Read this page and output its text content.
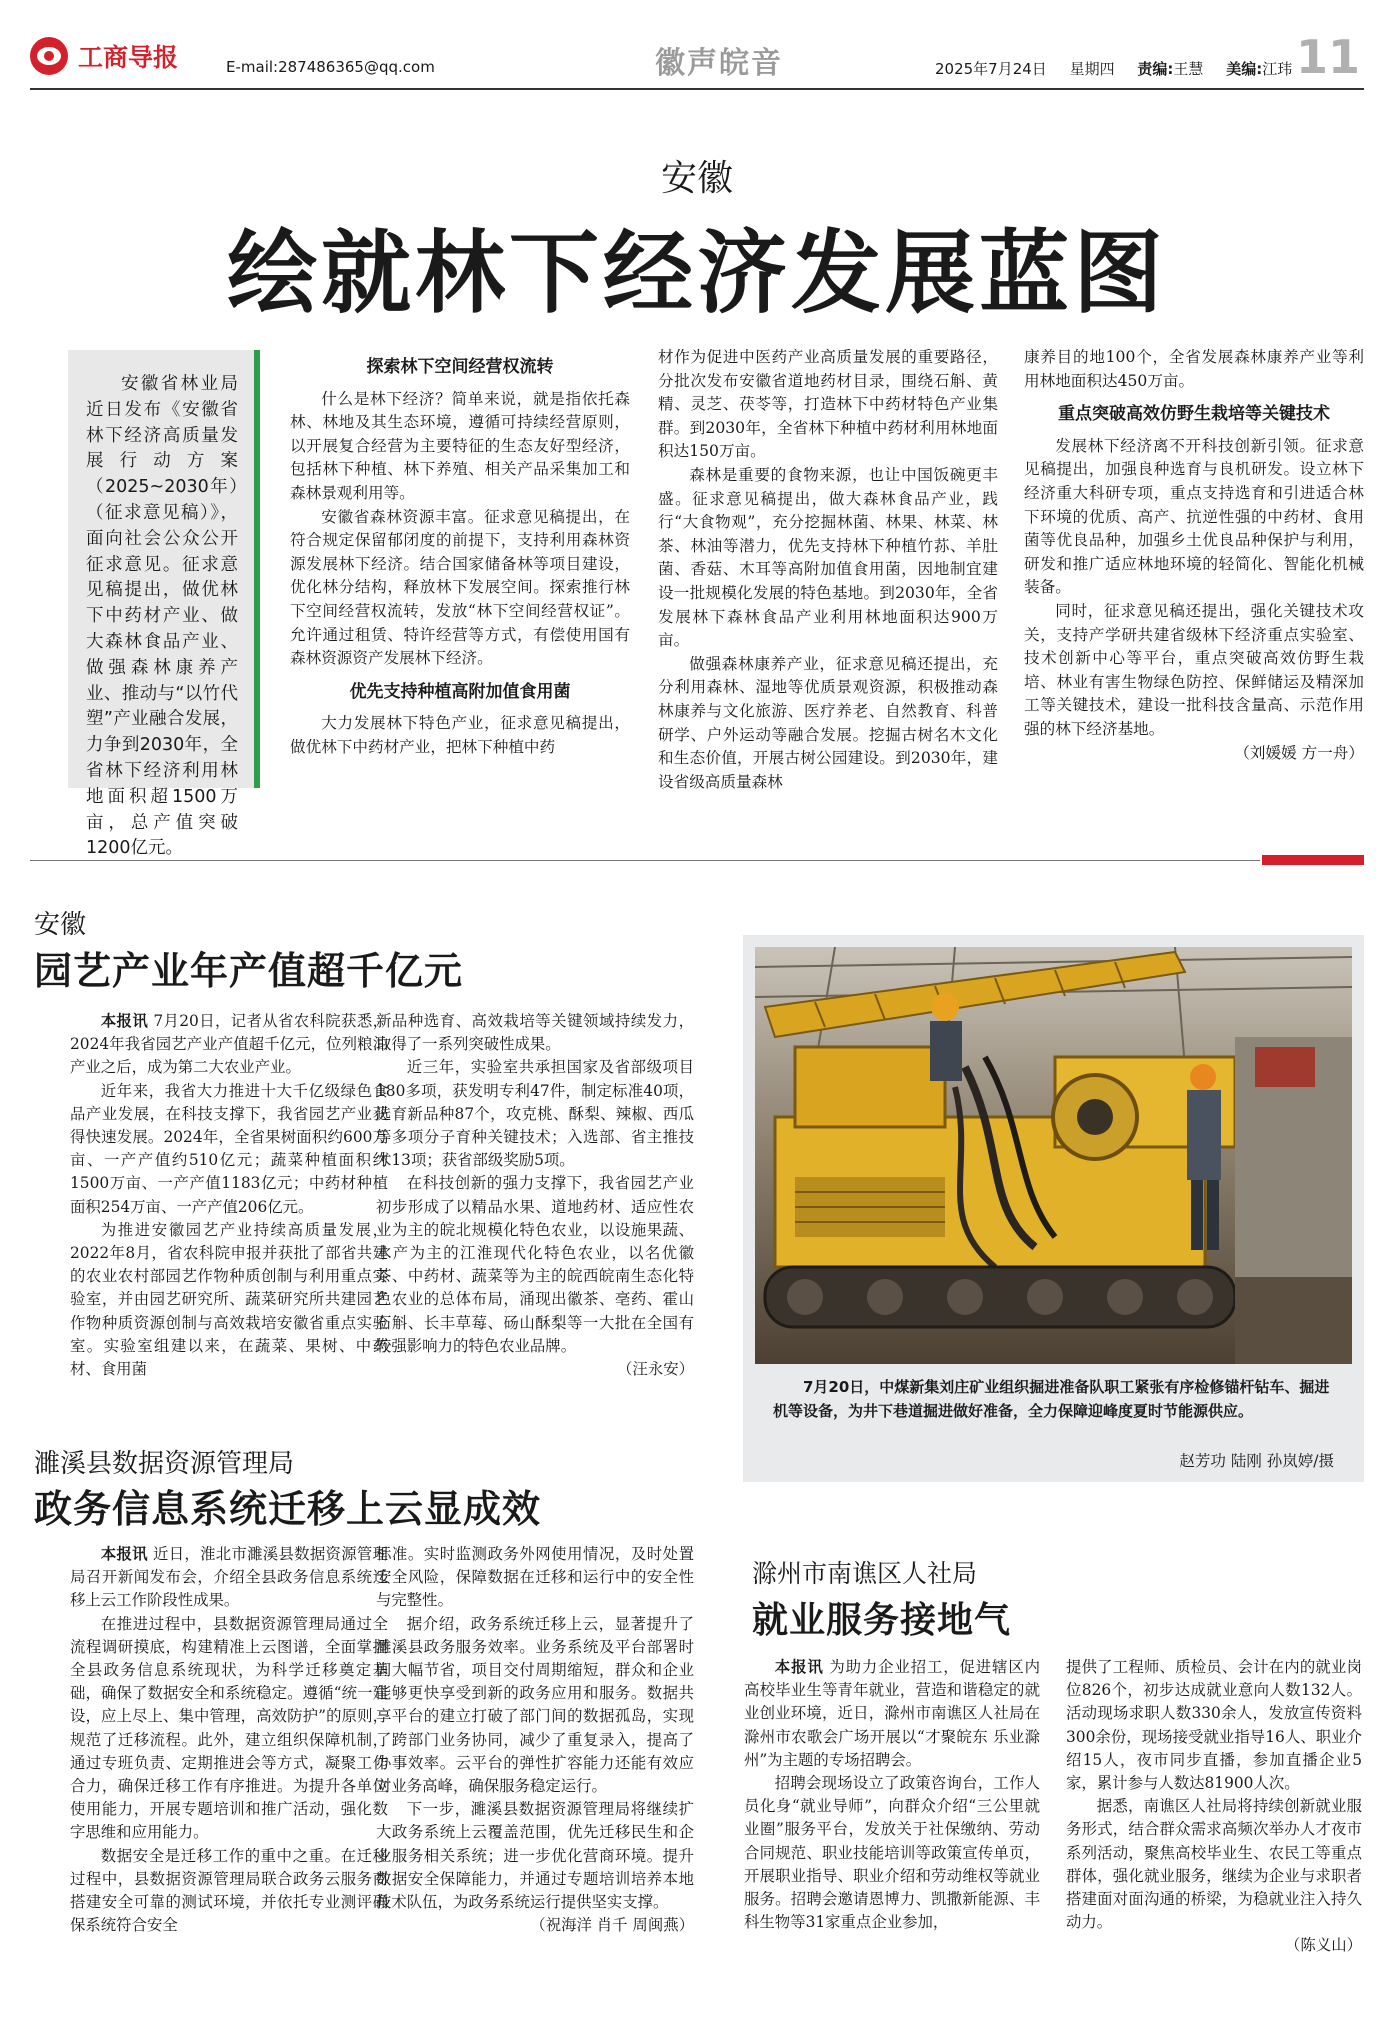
工商导报	E-mail:287486365@qq.com	徽声皖音	2025年7月24日 星期四 责编:王慧 美编:江玮 11
安徽
绘就林下经济发展蓝图

安徽省林业局近日发布《安徽省林下经济高质量发展行动方案（2025~2030年）（征求意见稿）》，面向社会公众公开征求意见。征求意见稿提出，做优林下中药材产业、做大森林食品产业、做强森林康养产业、推动与“以竹代塑”产业融合发展，力争到2030年，全省林下经济利用林地面积超1500万亩，总产值突破1200亿元。

探索林下空间经营权流转

什么是林下经济？简单来说，就是指依托森林、林地及其生态环境，遵循可持续经营原则，以开展复合经营为主要特征的生态友好型经济，包括林下种植、林下养殖、相关产品采集加工和森林景观利用等。

安徽省森林资源丰富。征求意见稿提出，在符合规定保留郁闭度的前提下，支持利用森林资源发展林下经济。结合国家储备林等项目建设，优化林分结构，释放林下发展空间。探索推行林下空间经营权流转，发放“林下空间经营权证”。允许通过租赁、特许经营等方式，有偿使用国有森林资源资产发展林下经济。

优先支持种植高附加值食用菌

大力发展林下特色产业，征求意见稿提出，做优林下中药材产业，把林下种植中药

材作为促进中医药产业高质量发展的重要路径，分批次发布安徽省道地药材目录，围绕石斛、黄精、灵芝、茯苓等，打造林下中药材特色产业集群。到2030年，全省林下种植中药材利用林地面积达150万亩。

森林是重要的食物来源，也让中国饭碗更丰盛。征求意见稿提出，做大森林食品产业，践行“大食物观”，充分挖掘林菌、林果、林菜、林茶、林油等潜力，优先支持林下种植竹荪、羊肚菌、香菇、木耳等高附加值食用菌，因地制宜建设一批规模化发展的特色基地。到2030年，全省发展林下森林食品产业利用林地面积达900万亩。

做强森林康养产业，征求意见稿还提出，充分利用森林、湿地等优质景观资源，积极推动森林康养与文化旅游、医疗养老、自然教育、科普研学、户外运动等融合发展。挖掘古树名木文化和生态价值，开展古树公园建设。到2030年，建设省级高质量森林

康养目的地100个，全省发展森林康养产业等利用林地面积达450万亩。

重点突破高效仿野生栽培等关键技术

发展林下经济离不开科技创新引领。征求意见稿提出，加强良种选育与良机研发。设立林下经济重大科研专项，重点支持选育和引进适合林下环境的优质、高产、抗逆性强的中药材、食用菌等优良品种，加强乡土优良品种保护与利用，研发和推广适应林地环境的轻简化、智能化机械装备。

同时，征求意见稿还提出，强化关键技术攻关，支持产学研共建省级林下经济重点实验室、技术创新中心等平台，重点突破高效仿野生栽培、林业有害生物绿色防控、保鲜储运及精深加工等关键技术，建设一批科技含量高、示范作用强的林下经济基地。

（刘媛媛 方一舟）

安徽
园艺产业年产值超千亿元

本报讯 7月20日，记者从省农科院获悉，2024年我省园艺产业产值超千亿元，位列粮油产业之后，成为第二大农业产业。

近年来，我省大力推进十大千亿级绿色食品产业发展，在科技支撑下，我省园艺产业获得快速发展。2024年，全省果树面积约600万亩、一产产值约510亿元；蔬菜种植面积约1500万亩、一产产值1183亿元；中药材种植面积254万亩、一产产值206亿元。

为推进安徽园艺产业持续高质量发展，2022年8月，省农科院申报并获批了部省共建的农业农村部园艺作物种质创制与利用重点实验室，并由园艺研究所、蔬菜研究所共建园艺作物种质资源创制与高效栽培安徽省重点实验室。实验室组建以来，在蔬菜、果树、中药材、食用菌

新品种选育、高效栽培等关键领域持续发力，取得了一系列突破性成果。

近三年，实验室共承担国家及省部级项目180多项，获发明专利47件，制定标准40项，选育新品种87个，攻克桃、酥梨、辣椒、西瓜等多项分子育种关键技术；入选部、省主推技术13项；获省部级奖励5项。

在科技创新的强力支撑下，我省园艺产业初步形成了以精品水果、道地药材、适应性农业为主的皖北规模化特色农业，以设施果蔬、水产为主的江淮现代化特色农业，以名优徽茶、中药材、蔬菜等为主的皖西皖南生态化特色农业的总体布局，涌现出徽茶、亳药、霍山石斛、长丰草莓、砀山酥梨等一大批在全国有较强影响力的特色农业品牌。

（汪永安）

7月20日，中煤新集刘庄矿业组织掘进准备队职工紧张有序检修锚杆钻车、掘进机等设备，为井下巷道掘进做好准备，全力保障迎峰度夏时节能源供应。
赵芳功 陆刚 孙岚婷/摄
濉溪县数据资源管理局
政务信息系统迁移上云显成效

本报讯 近日，淮北市濉溪县数据资源管理局召开新闻发布会，介绍全县政务信息系统迁移上云工作阶段性成果。

在推进过程中，县数据资源管理局通过全流程调研摸底，构建精准上云图谱，全面掌握全县政务信息系统现状，为科学迁移奠定基础，确保了数据安全和系统稳定。遵循“统一建设，应上尽上、集中管理，高效防护”的原则，规范了迁移流程。此外，建立组织保障机制，通过专班负责、定期推进会等方式，凝聚工作合力，确保迁移工作有序推进。为提升各单位使用能力，开展专题培训和推广活动，强化数字思维和应用能力。

数据安全是迁移工作的重中之重。在迁移过程中，县数据资源管理局联合政务云服务商搭建安全可靠的测试环境，并依托专业测评确保系统符合安全

标准。实时监测政务外网使用情况，及时处置安全风险，保障数据在迁移和运行中的安全性与完整性。

据介绍，政务系统迁移上云，显著提升了濉溪县政务服务效率。业务系统及平台部署时间大幅节省，项目交付周期缩短，群众和企业能够更快享受到新的政务应用和服务。数据共享平台的建立打破了部门间的数据孤岛，实现了跨部门业务协同，减少了重复录入，提高了办事效率。云平台的弹性扩容能力还能有效应对业务高峰，确保服务稳定运行。

下一步，濉溪县数据资源管理局将继续扩大政务系统上云覆盖范围，优先迁移民生和企业服务相关系统；进一步优化营商环境。提升数据安全保障能力，并通过专题培训培养本地技术队伍，为政务系统运行提供坚实支撑。

（祝海洋 肖千 周闽燕）

滁州市南谯区人社局
就业服务接地气

本报讯 为助力企业招工，促进辖区内高校毕业生等青年就业，营造和谐稳定的就业创业环境，近日，滁州市南谯区人社局在滁州市农歌会广场开展以“才聚皖东 乐业滁州”为主题的专场招聘会。

招聘会现场设立了政策咨询台，工作人员化身“就业导师”，向群众介绍“三公里就业圈”服务平台，发放关于社保缴纳、劳动合同规范、职业技能培训等政策宣传单页，开展职业指导、职业介绍和劳动维权等就业服务。招聘会邀请恩博力、凯撒新能源、丰科生物等31家重点企业参加，

提供了工程师、质检员、会计在内的就业岗位826个，初步达成就业意向人数132人。活动现场求职人数330余人，发放宣传资料300余份，现场接受就业指导16人、职业介绍15人，夜市同步直播，参加直播企业5家，累计参与人数达81900人次。

据悉，南谯区人社局将持续创新就业服务形式，结合群众需求高频次举办人才夜市系列活动，聚焦高校毕业生、农民工等重点群体，强化就业服务，继续为企业与求职者搭建面对面沟通的桥梁，为稳就业注入持久动力。

（陈义山）
